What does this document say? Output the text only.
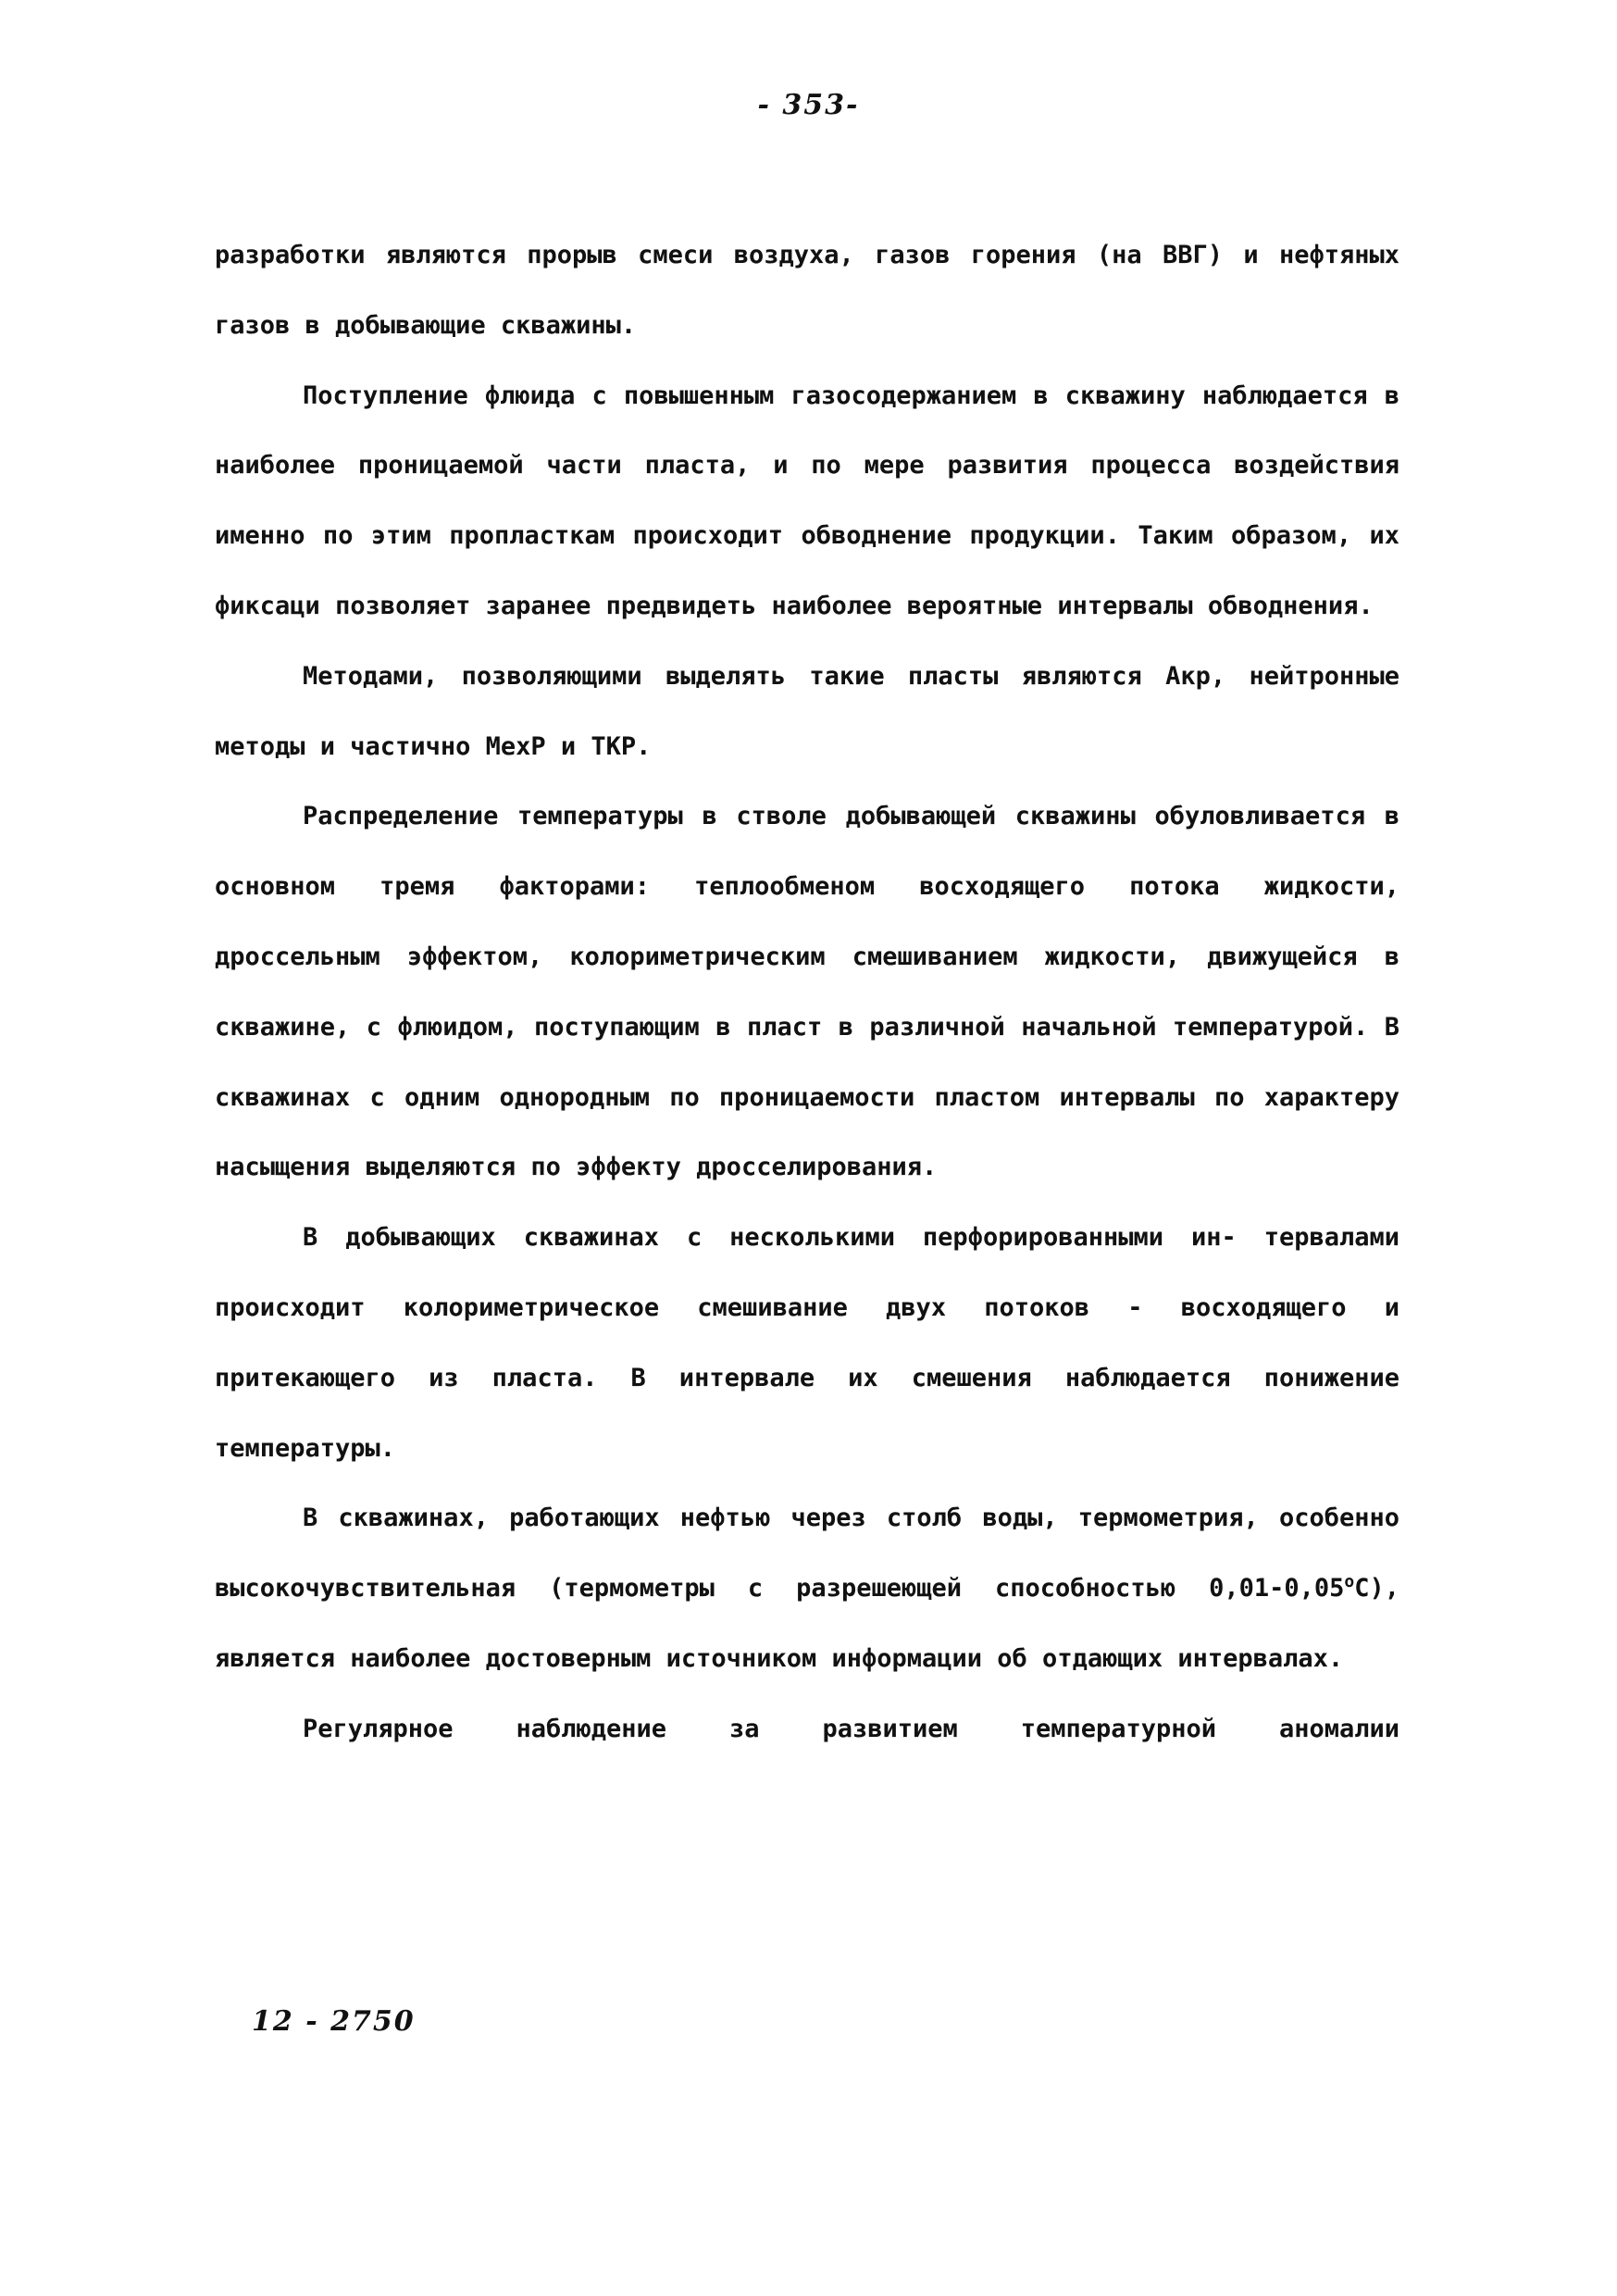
- 353-

разработки являются прорыв смеси воздуха, газов горения (на ВВГ) и нефтяных газов в добывающие скважины.

Поступление флюида с повышенным газосодержанием в скважину наблюдается в наиболее проницаемой части пласта, и по мере развития процесса воздействия именно по этим пропласткам происходит обводнение продукции. Таким образом, их фиксаци позволяет заранее предвидеть наиболее вероятные интервалы обводнения.

Методами, позволяющими выделять такие пласты являются Акр, нейтронные методы и частично МехР и ТКР.

Распределение температуры в стволе добывающей скважины обуловливается в основном тремя факторами: теплообменом восходящего потока жидкости, дроссельным эффектом, колориметрическим смешиванием жидкости, движущейся в скважине, с флюидом, поступающим в пласт в различной начальной температурой. В скважинах с одним однородным по проницаемости пластом интервалы по характеру насыщения выделяются по эффекту дросселирования.

В добывающих скважинах с несколькими перфорированными ин- тервалами происходит колориметрическое смешивание двух потоков - восходящего и притекающего из пласта. В интервале их смешения наблюдается понижение температуры.

В скважинах, работающих нефтью через столб воды, термометрия, особенно высокочувствительная (термометры с разрешеющей способностью 0,01-0,05$^o$С), является наиболее достоверным источником информации об отдающих интервалах.

Регулярное наблюдение за развитием температурной аномалии

12 - 2750
